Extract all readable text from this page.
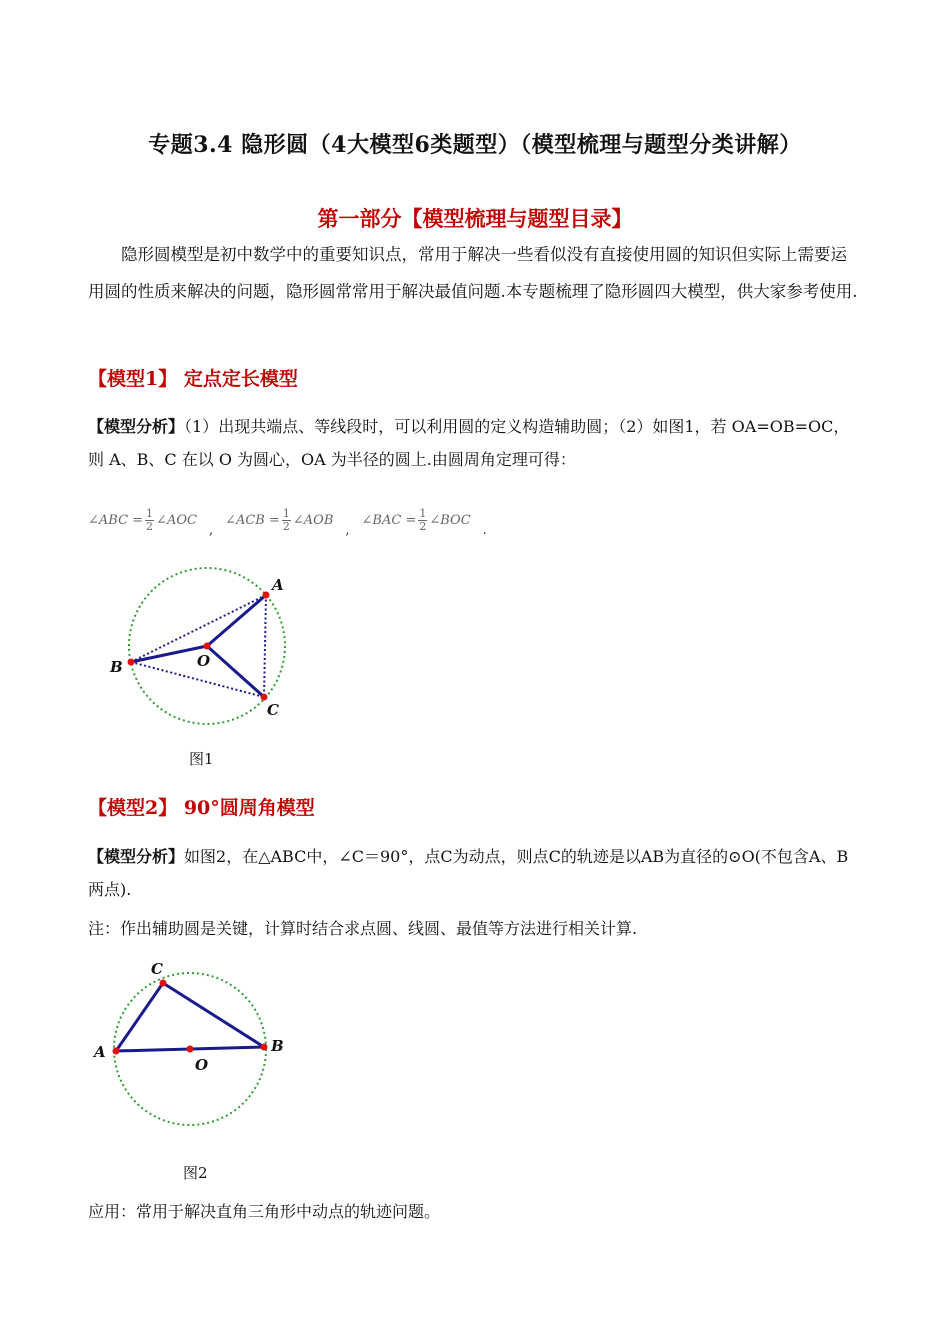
专题3.4 隐形圆（4大模型6类题型）（模型梳理与题型分类讲解）
第一部分【模型梳理与题型目录】
隐形圆模型是初中数学中的重要知识点，常用于解决一些看似没有直接使用圆的知识但实际上需要运用圆的性质来解决的问题，隐形圆常常用于解决最值问题.本专题梳理了隐形圆四大模型，供大家参考使用.
【模型1】 定点定长模型
【模型分析】（1）出现共端点、等线段时，可以利用圆的定义构造辅助圆；（2）如图1，若 OA=OB=OC，则 A、B、C 在以 O 为圆心，OA 为半径的圆上.由圆周角定理可得：
∠ABC = $\frac{1}{2}$ ∠AOC
,
∠ACB = $\frac{1}{2}$ ∠AOB
,
∠BAC = $\frac{1}{2}$ ∠BOC
.
A
B
C
O
图1
【模型2】 90°圆周角模型
【模型分析】如图2，在△ABC中，∠C＝90°，点C为动点，则点C的轨迹是以AB为直径的⊙O(不包含A、B两点).
注：作出辅助圆是关键，计算时结合求点圆、线圆、最值等方法进行相关计算.
A	B
C
O
图2
应用：常用于解决直角三角形中动点的轨迹问题。
